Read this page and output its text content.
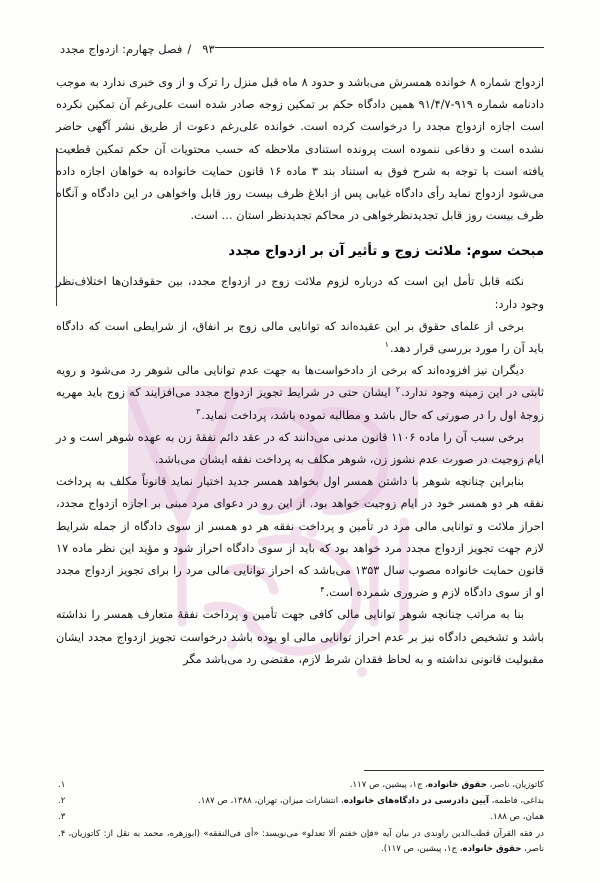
فصل چهارم: ازدواج مجدد / ۹۳

ازدواج شماره ۸ خوانده همسرش می‌باشد و حدود ۸ ماه قبل منزل را ترک و از وی خبری ندارد به موجب دادنامه شماره ۹۱۹-۹۱/۴/۷ همین دادگاه حکم بر تمکین زوجه صادر شده است علی‌رغم آن تمکین نکرده است اجازه ازدواج مجدد را درخواست کرده است. خوانده علی‌رغم دعوت از طریق نشر آگهی حاضر نشده است و دفاعی ننموده است پرونده استنادی ملاحظه که حسب محتویات آن حکم تمکین قطعیت یافته است با توجه به شرح فوق به استناد بند ۳ ماده ۱۶ قانون حمایت خانواده به خواهان اجازه داده می‌شود ازدواج نماید رأی دادگاه غیابی پس از ابلاغ ظرف بیست روز قابل واخواهی در این دادگاه و آنگاه ظرف بیست روز قابل تجدیدنظرخواهی در محاکم تجدیدنظر استان … است.

مبحث سوم: ملائت زوج و تأثیر آن بر ازدواج مجدد

نکته قابل تأمل این است که درباره لزوم ملائت زوج در ازدواج مجدد، بین حقوقدان‌ها اختلاف‌نظر وجود دارد:

برخی از علمای حقوق بر این عقیده‌اند که توانایی مالی زوج بر انفاق، از شرایطی است که دادگاه باید آن را مورد بررسی قرار دهد.$^۱$

دیگران نیز افزوده‌اند که برخی از دادخواست‌ها به جهت عدم توانایی مالی شوهر رد می‌شود و رویه ثابتی در این زمینه وجود ندارد.$^۲$ ایشان حتی در شرایط تجویز ازدواج مجدد می‌افزایند که زوج باید مهریه زوجهٔ اول را در صورتی که حال باشد و مطالبه نموده باشد، پرداخت نماید.$^۳$

برخی سبب آن را ماده ۱۱۰۶ قانون مدنی می‌دانند که در عقد دائم نفقهٔ زن به عهده شوهر است و در ایام زوجیت در صورت عدم نشوز زن، شوهر مکلف به پرداخت نفقه ایشان می‌باشد.

بنابراین چنانچه شوهر با داشتن همسر اول بخواهد همسر جدید اختیار نماید قانوناً مکلف به پرداخت نفقه هر دو همسر خود در ایام زوجیت خواهد بود. از این رو در دعوای مرد مبنی بر اجازه ازدواج مجدد، احراز ملائت و توانایی مالی مرد در تأمین و پرداخت نفقه هر دو همسر از سوی دادگاه از جمله شرایط لازم جهت تجویز ازدواج مجدد مرد خواهد بود که باید از سوی دادگاه احراز شود و مؤید این نظر ماده ۱۷ قانون حمایت خانواده مصوب سال ۱۳۵۳ می‌باشد که احراز توانایی مالی مرد را برای تجویز ازدواج مجدد او از سوی دادگاه لازم و ضروری شمرده است.$^۴$

بنا به مراتب چنانچه شوهر توانایی مالی کافی جهت تأمین و پرداخت نفقهٔ متعارف همسر را نداشته باشد و تشخیص دادگاه نیز بر عدم احراز توانایی مالی او بوده باشد درخواست تجویز ازدواج مجدد ایشان مقبولیت قانونی نداشته و به لحاظ فقدان شرط لازم، مقتضی رد می‌باشد مگر

۱.	کاتوزیان، ناصر، حقوق خانواده، ج‌۱، پیشین، ص ۱۱۷.
۲.	بداغی، فاطمه، آیین دادرسی در دادگاه‌های خانواده، انتشارات میزان، تهران، ۱۳۸۸، ص ۱۸۷.
۳.	همان، ص ۱۸۸.
۴. در فقه القرآن قطب‌الدین راوندی در بیان آیه «فإن خفتم ألا تعدلو» می‌نویسد: «أی فی‌النفقه» (ابوزهره، محمد به نقل از: کاتوزیان، ناصر، حقوق خانواده، ج‌۱، پیشین، ص ۱۱۷).
